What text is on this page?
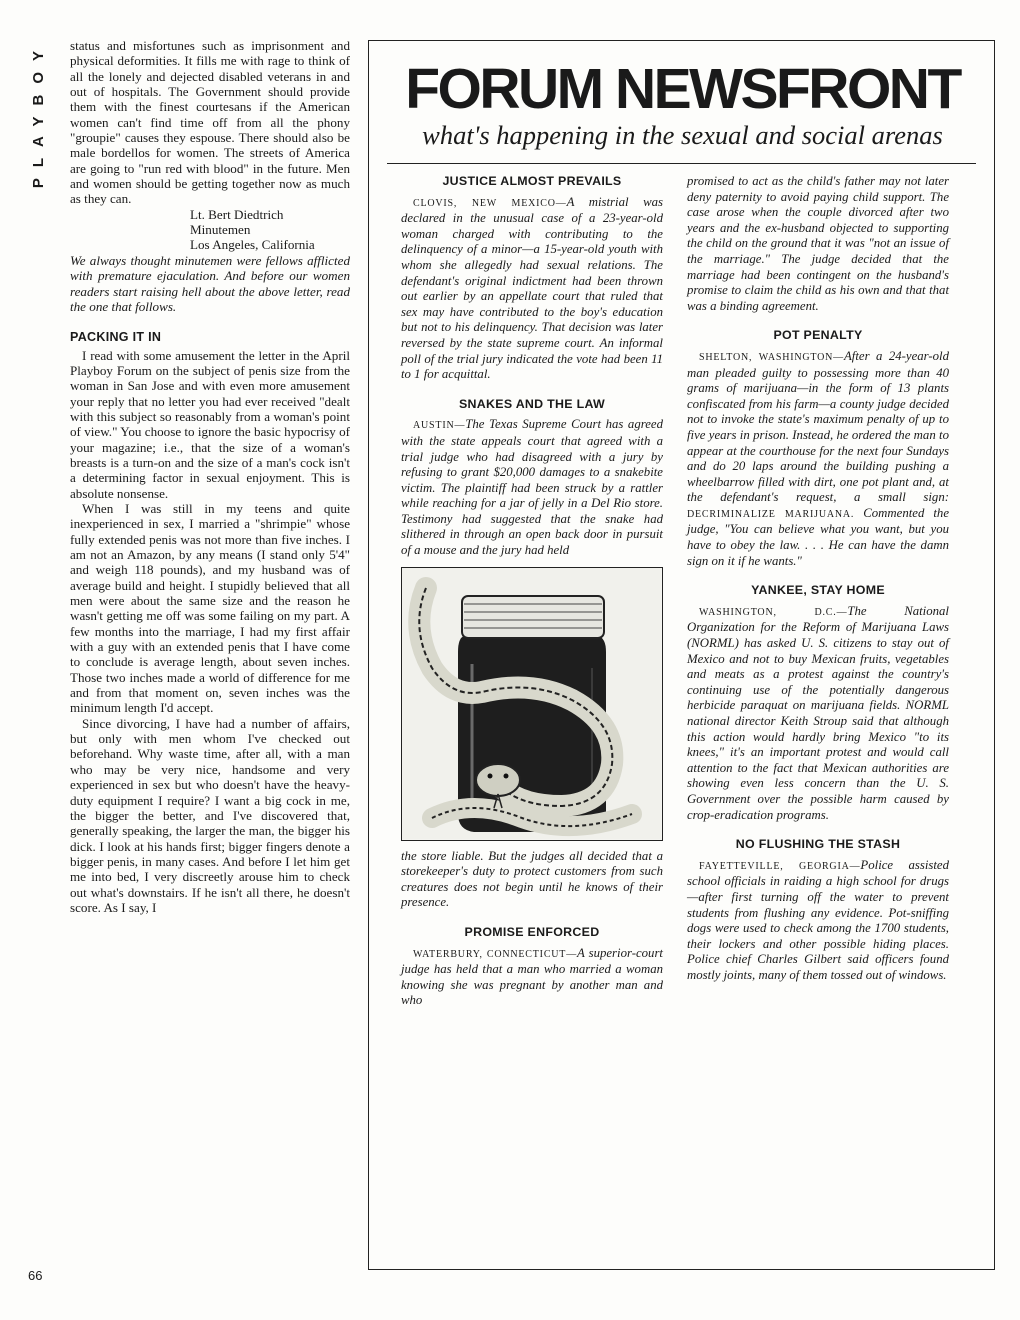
PLAYBOY
66

status and misfortunes such as imprisonment and physical deformities. It fills me with rage to think of all the lonely and dejected disabled veterans in and out of hospitals. The Government should provide them with the finest courtesans if the American women can't find time off from all the phony "groupie" causes they espouse. There should also be male bordellos for women. The streets of America are going to "run red with blood" in the future. Men and women should be getting together now as much as they can.

Lt. Bert Diedtrich
Minutemen
Los Angeles, California

We always thought minutemen were fellows afflicted with premature ejaculation. And before our women readers start raising hell about the above letter, read the one that follows.

PACKING IT IN

I read with some amusement the letter in the April Playboy Forum on the subject of penis size from the woman in San Jose and with even more amusement your reply that no letter you had ever received "dealt with this subject so reasonably from a woman's point of view." You choose to ignore the basic hypocrisy of your magazine; i.e., that the size of a woman's breasts is a turn-on and the size of a man's cock isn't a determining factor in sexual enjoyment. This is absolute nonsense.

When I was still in my teens and quite inexperienced in sex, I married a "shrimpie" whose fully extended penis was not more than five inches. I am not an Amazon, by any means (I stand only 5'4" and weigh 118 pounds), and my husband was of average build and height. I stupidly believed that all men were about the same size and the reason he wasn't getting me off was some failing on my part. A few months into the marriage, I had my first affair with a guy with an extended penis that I have come to conclude is average length, about seven inches. Those two inches made a world of difference for me and from that moment on, seven inches was the minimum length I'd accept.

Since divorcing, I have had a number of affairs, but only with men whom I've checked out beforehand. Why waste time, after all, with a man who may be very nice, handsome and very experienced in sex but who doesn't have the heavy-duty equipment I require? I want a big cock in me, the bigger the better, and I've discovered that, generally speaking, the larger the man, the bigger his dick. I look at his hands first; bigger fingers denote a bigger penis, in many cases. And before I let him get me into bed, I very discreetly arouse him to check out what's downstairs. If he isn't all there, he doesn't score. As I say, I

FORUM NEWSFRONT
what's happening in the sexual and social arenas
JUSTICE ALMOST PREVAILS

CLOVIS, NEW MEXICO—A mistrial was declared in the unusual case of a 23-year-old woman charged with contributing to the delinquency of a minor—a 15-year-old youth with whom she allegedly had sexual relations. The defendant's original indictment had been thrown out earlier by an appellate court that ruled that sex may have contributed to the boy's education but not to his delinquency. That decision was later reversed by the state supreme court. An informal poll of the trial jury indicated the vote had been 11 to 1 for acquittal.

SNAKES AND THE LAW

AUSTIN—The Texas Supreme Court has agreed with the state appeals court that agreed with a trial judge who had disagreed with a jury by refusing to grant $20,000 damages to a snakebite victim. The plaintiff had been struck by a rattler while reaching for a jar of jelly in a Del Rio store. Testimony had suggested that the snake had slithered in through an open back door in pursuit of a mouse and the jury had held

the store liable. But the judges all decided that a storekeeper's duty to protect customers from such creatures does not begin until he knows of their presence.

PROMISE ENFORCED

WATERBURY, CONNECTICUT—A superior-court judge has held that a man who married a woman knowing she was pregnant by another man and who

promised to act as the child's father may not later deny paternity to avoid paying child support. The case arose when the couple divorced after two years and the ex-husband objected to supporting the child on the ground that it was "not an issue of the marriage." The judge decided that the marriage had been contingent on the husband's promise to claim the child as his own and that that was a binding agreement.

POT PENALTY

SHELTON, WASHINGTON—After a 24-year-old man pleaded guilty to possessing more than 40 grams of marijuana—in the form of 13 plants confiscated from his farm—a county judge decided not to invoke the state's maximum penalty of up to five years in prison. Instead, he ordered the man to appear at the courthouse for the next four Sundays and do 20 laps around the building pushing a wheelbarrow filled with dirt, one pot plant and, at the defendant's request, a small sign: DECRIMINALIZE MARIJUANA. Commented the judge, "You can believe what you want, but you have to obey the law. . . . He can have the damn sign on it if he wants."

YANKEE, STAY HOME

WASHINGTON, D.C.—The National Organization for the Reform of Marijuana Laws (NORML) has asked U. S. citizens to stay out of Mexico and not to buy Mexican fruits, vegetables and meats as a protest against the country's continuing use of the potentially dangerous herbicide paraquat on marijuana fields. NORML national director Keith Stroup said that although this action would hardly bring Mexico "to its knees," it's an important protest and would call attention to the fact that Mexican authorities are showing even less concern than the U. S. Government over the possible harm caused by crop-eradication programs.

NO FLUSHING THE STASH

FAYETTEVILLE, GEORGIA—Police assisted school officials in raiding a high school for drugs—after first turning off the water to prevent students from flushing any evidence. Pot-sniffing dogs were used to check among the 1700 students, their lockers and other possible hiding places. Police chief Charles Gilbert said officers found mostly joints, many of them tossed out of windows.
